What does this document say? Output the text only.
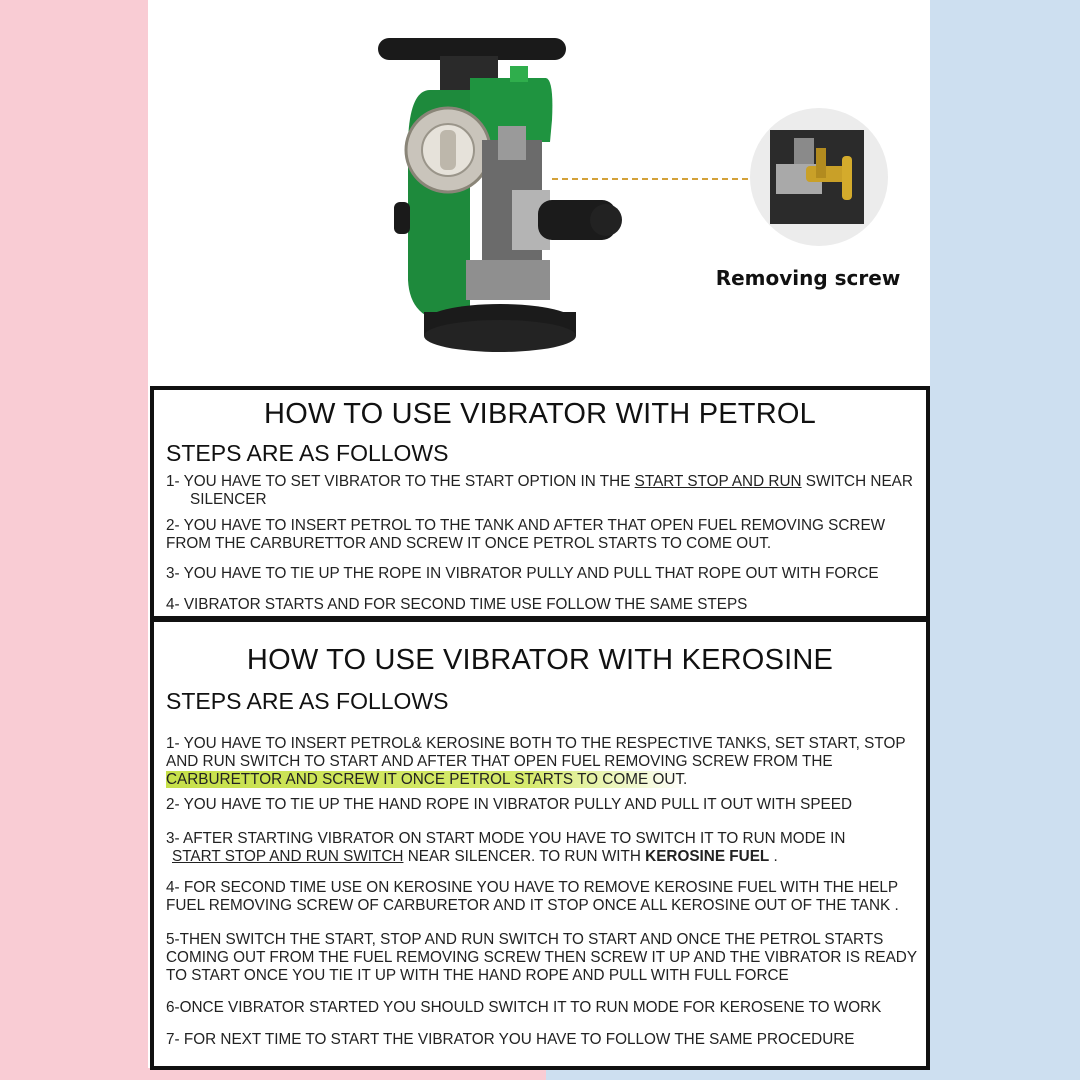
Removing screw
HOW TO USE VIBRATOR WITH PETROL
STEPS ARE AS FOLLOWS

1- YOU HAVE TO SET VIBRATOR TO THE START OPTION IN THE START STOP AND RUN SWITCH NEAR
SILENCER

2- YOU HAVE TO INSERT PETROL TO THE TANK AND AFTER THAT OPEN FUEL REMOVING SCREW FROM THE CARBURETTOR AND SCREW IT ONCE PETROL STARTS TO COME OUT.

3- YOU HAVE TO TIE UP THE ROPE IN VIBRATOR PULLY AND PULL THAT ROPE OUT WITH FORCE

4- VIBRATOR STARTS AND FOR SECOND TIME USE FOLLOW THE SAME STEPS

HOW TO USE VIBRATOR WITH KEROSINE
STEPS ARE AS FOLLOWS

1- YOU HAVE TO INSERT PETROL& KEROSINE BOTH TO THE RESPECTIVE TANKS, SET START, STOP AND RUN SWITCH TO START AND AFTER THAT OPEN FUEL REMOVING SCREW FROM THE
CARBURETTOR AND SCREW IT ONCE PETROL STARTS TO COME OUT.

2- YOU HAVE TO TIE UP THE HAND ROPE IN VIBRATOR PULLY AND PULL IT OUT WITH SPEED

3- AFTER STARTING VIBRATOR ON START MODE YOU HAVE TO SWITCH IT TO RUN MODE IN
START STOP AND RUN SWITCH NEAR SILENCER. TO RUN WITH KEROSINE FUEL .

4- FOR SECOND TIME USE ON KEROSINE YOU HAVE TO REMOVE KEROSINE FUEL WITH THE HELP FUEL REMOVING SCREW OF CARBURETOR AND IT STOP ONCE ALL KEROSINE OUT OF THE TANK .

5-THEN SWITCH THE START, STOP AND RUN SWITCH TO START AND ONCE THE PETROL STARTS COMING OUT FROM THE FUEL REMOVING SCREW THEN SCREW IT UP AND THE VIBRATOR IS READY TO START ONCE YOU TIE IT UP WITH THE HAND ROPE AND PULL WITH FULL FORCE

6-ONCE VIBRATOR STARTED YOU SHOULD SWITCH IT TO RUN MODE FOR KEROSENE TO WORK

7- FOR NEXT TIME TO START THE VIBRATOR YOU HAVE TO FOLLOW THE SAME PROCEDURE
